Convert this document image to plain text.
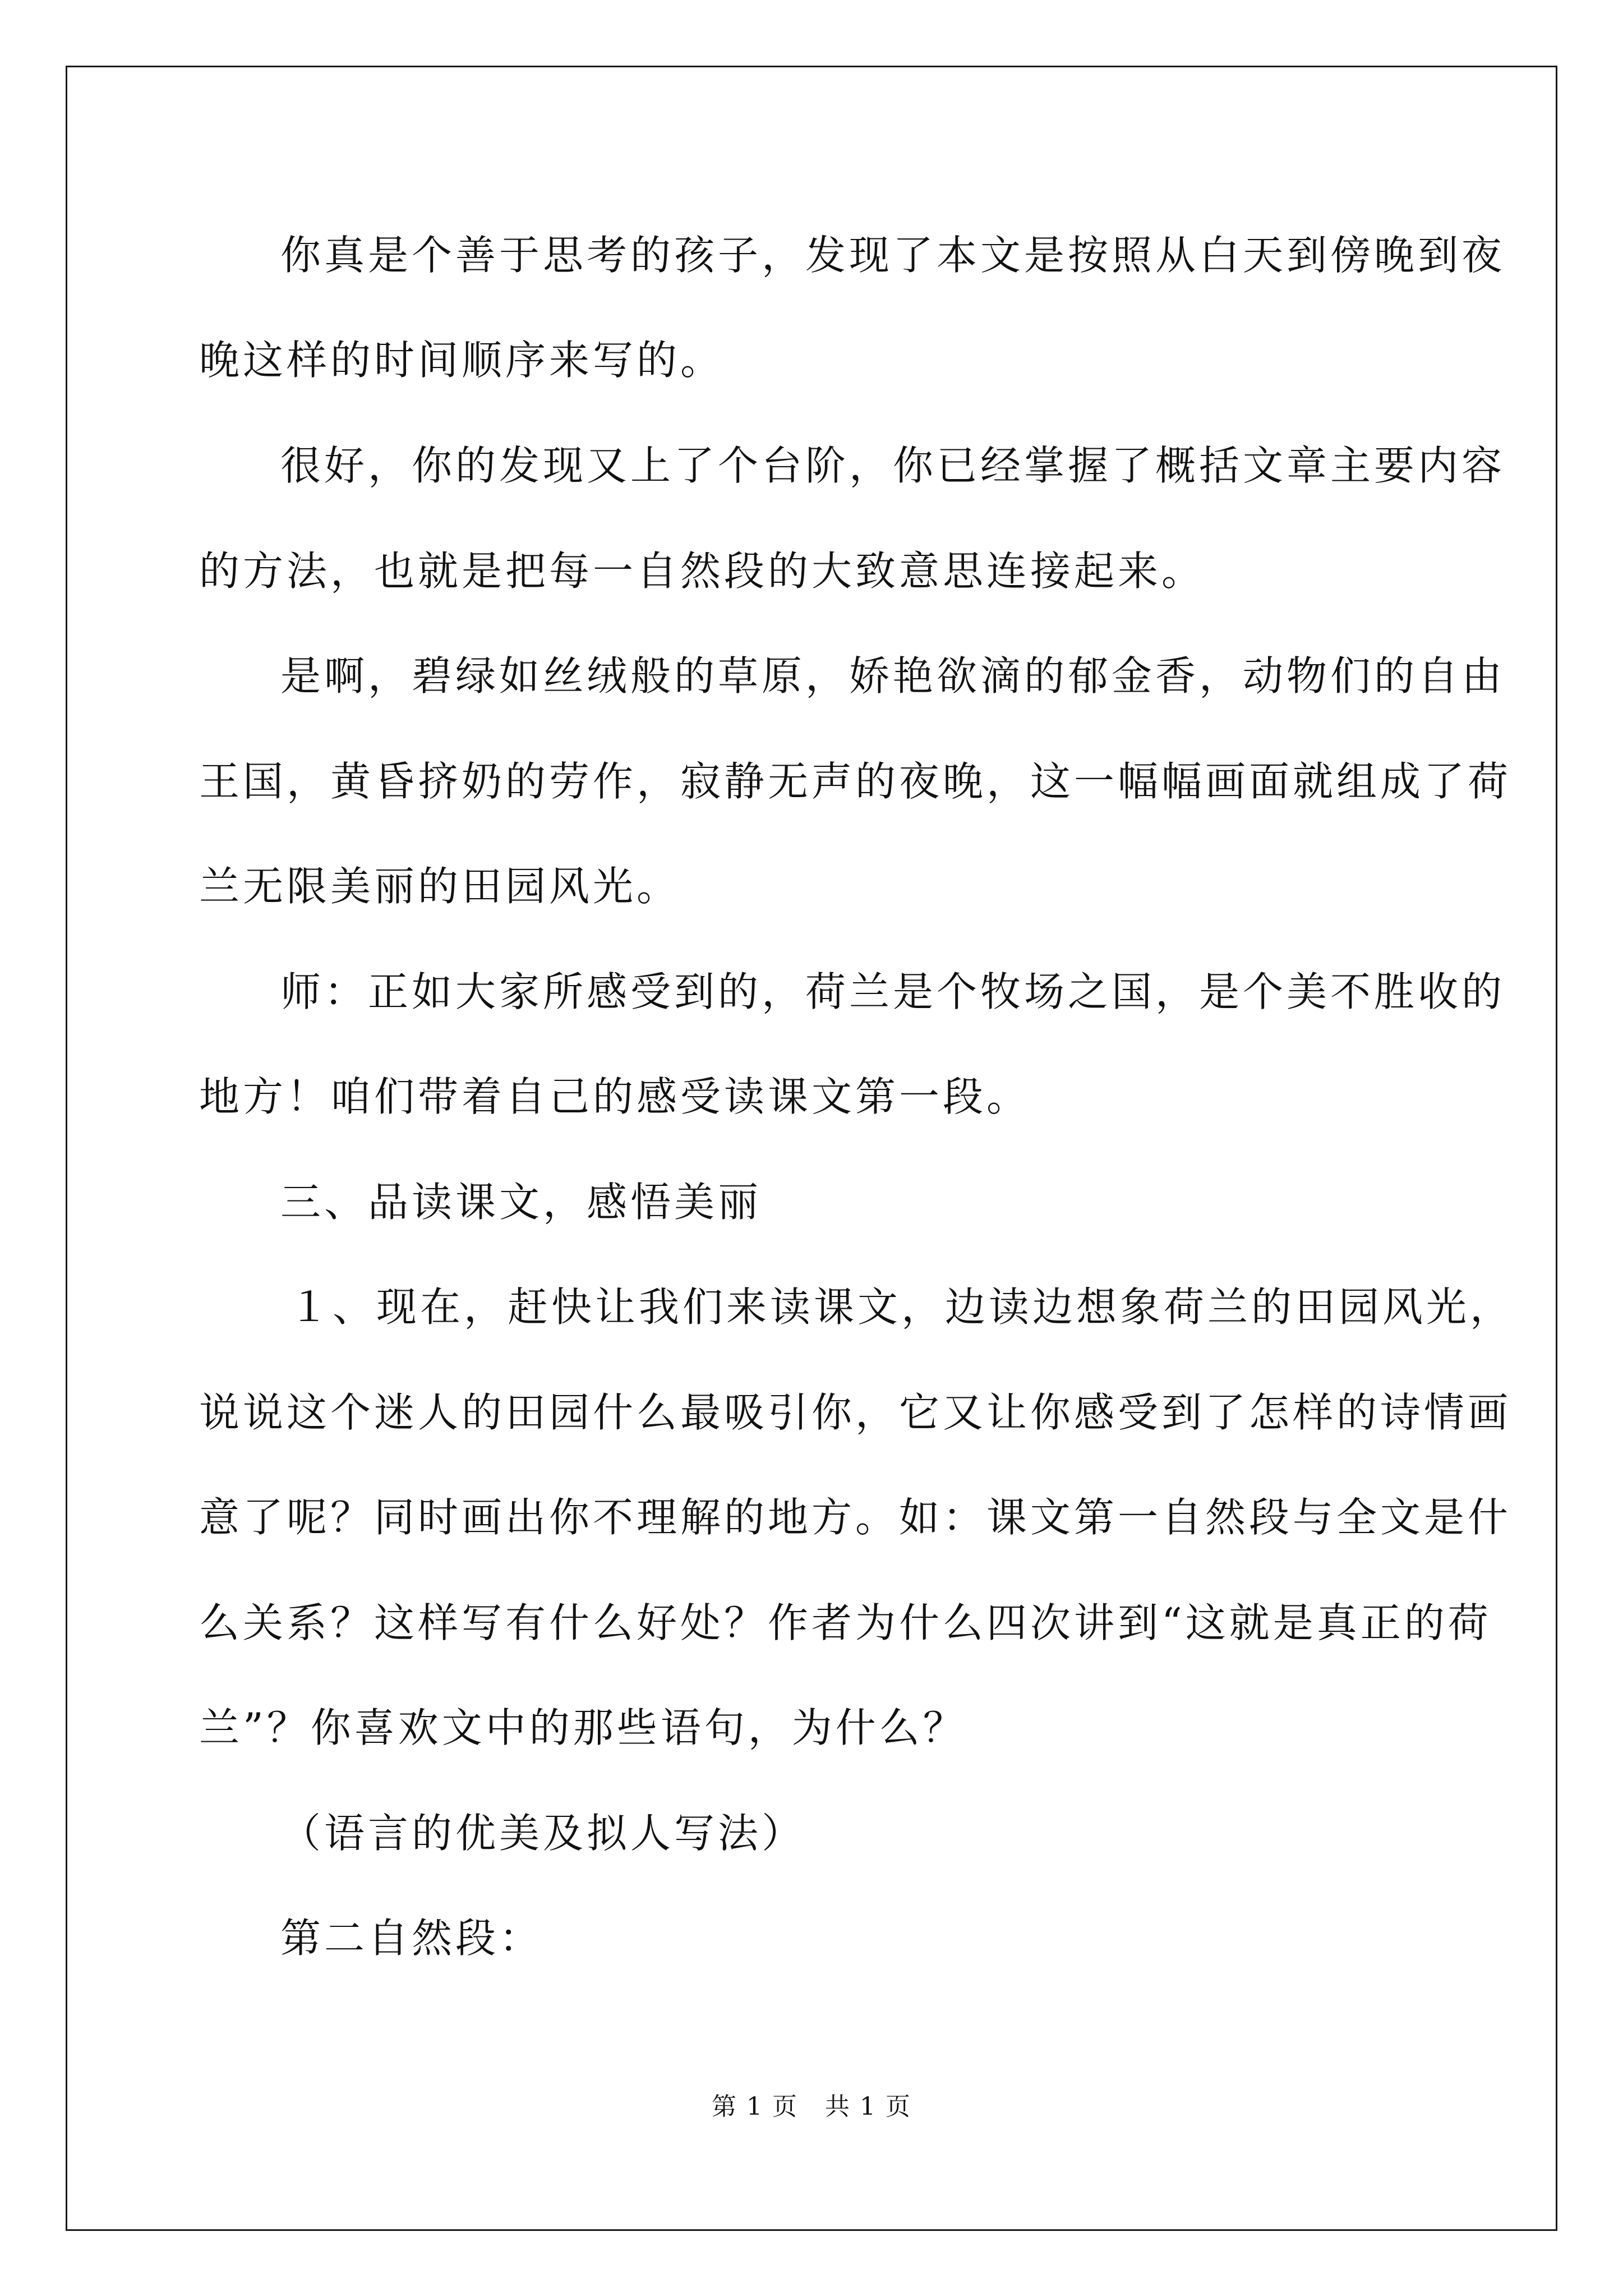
你真是个善于思考的孩子，发现了本文是按照从白天到傍晚到夜
晚这样的时间顺序来写的。
很好，你的发现又上了个台阶，你已经掌握了概括文章主要内容
的方法，也就是把每一自然段的大致意思连接起来。
是啊，碧绿如丝绒般的草原，娇艳欲滴的郁金香，动物们的自由
王国，黄昏挤奶的劳作，寂静无声的夜晚，这一幅幅画面就组成了荷
兰无限美丽的田园风光。
师：正如大家所感受到的，荷兰是个牧场之国，是个美不胜收的
地方！咱们带着自己的感受读课文第一段。
三、品读课文，感悟美丽
１、现在，赶快让我们来读课文，边读边想象荷兰的田园风光，
说说这个迷人的田园什么最吸引你，它又让你感受到了怎样的诗情画
意了呢？同时画出你不理解的地方。如：课文第一自然段与全文是什
么关系？这样写有什么好处？作者为什么四次讲到“这就是真正的荷
兰”？你喜欢文中的那些语句，为什么？
（语言的优美及拟人写法）
第二自然段：
第 1 页   共 1 页
